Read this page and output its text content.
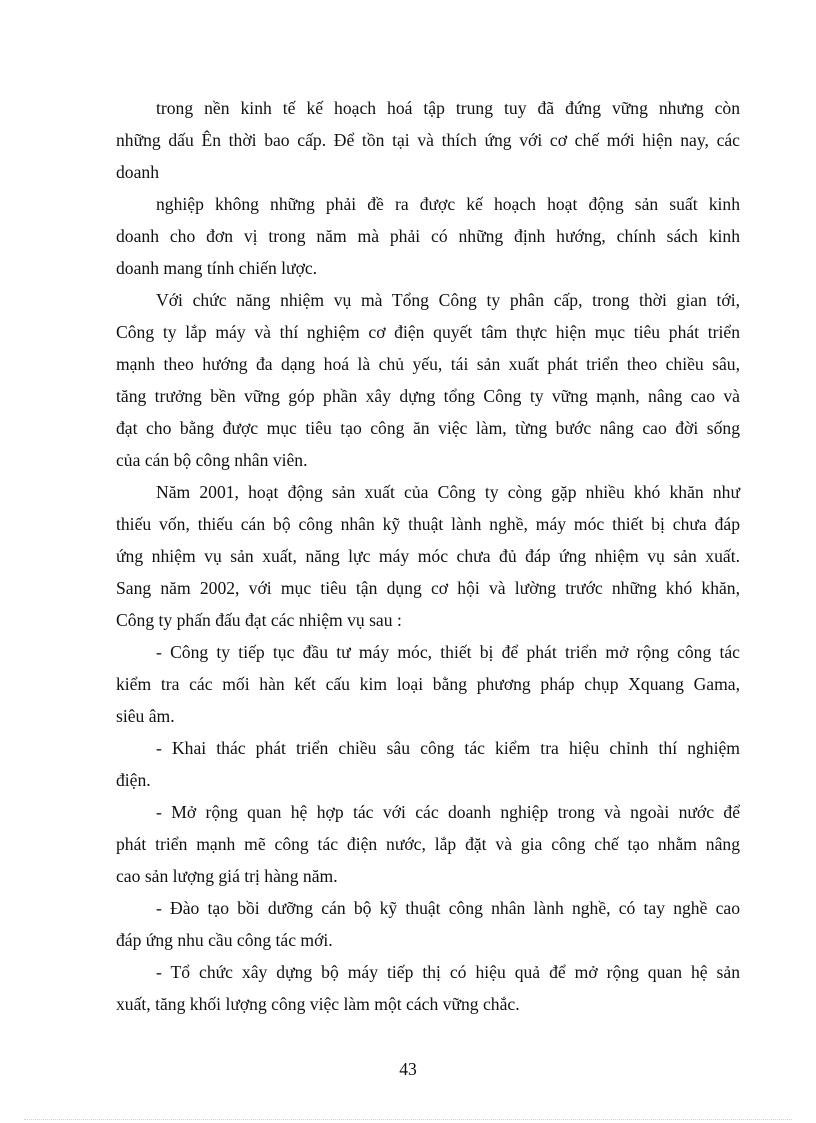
trong nền kinh tế kế hoạch hoá tập trung tuy đã đứng vững nhưng còn
những dấu Ên thời bao cấp. Để tồn tại và thích ứng với cơ chế mới hiện nay, các
doanh
nghiệp không những phải đề ra được kế hoạch hoạt động sản suất kinh
doanh cho đơn vị trong năm mà phải có những định hướng, chính sách kinh
doanh mang tính chiến lược.
Với chức năng nhiệm vụ mà Tổng Công ty phân cấp, trong thời gian tới,
Công ty lắp máy và thí nghiệm cơ điện quyết tâm thực hiện mục tiêu phát triển
mạnh theo hướng đa dạng hoá là chủ yếu, tái sản xuất phát triển theo chiều sâu,
tăng trưởng bền vững góp phần xây dựng tổng Công ty vững mạnh, nâng cao và
đạt cho bằng được mục tiêu tạo công ăn việc làm, từng bước nâng cao đời sống
của cán bộ công nhân viên.
Năm 2001, hoạt động sản xuất của Công ty còng gặp nhiều khó khăn như
thiếu vốn, thiếu cán bộ công nhân kỹ thuật lành nghề, máy móc thiết bị chưa đáp
ứng nhiệm vụ sản xuất, năng lực máy móc chưa đủ đáp ứng nhiệm vụ sản xuất.
Sang năm 2002, với mục tiêu tận dụng cơ hội và lường trước những khó khăn,
Công ty phấn đấu đạt các nhiệm vụ sau :
- Công ty tiếp tục đầu tư máy móc, thiết bị để phát triển mở rộng công tác
kiểm tra các mối hàn kết cấu kim loại bằng phương pháp chụp Xquang Gama,
siêu âm.
- Khai thác phát triển chiều sâu công tác kiểm tra hiệu chỉnh thí nghiệm
điện.
- Mở rộng quan hệ hợp tác với các doanh nghiệp trong và ngoài nước để
phát triển mạnh mẽ công tác điện nước, lắp đặt và gia công chế tạo nhằm nâng
cao sản lượng giá trị hàng năm.
- Đào tạo bồi dưỡng cán bộ kỹ thuật công nhân lành nghề, có tay nghề cao
đáp ứng nhu cầu công tác mới.
- Tổ chức xây dựng bộ máy tiếp thị có hiệu quả để mở rộng quan hệ sản
xuất, tăng khối lượng công việc làm một cách vững chắc.
43
